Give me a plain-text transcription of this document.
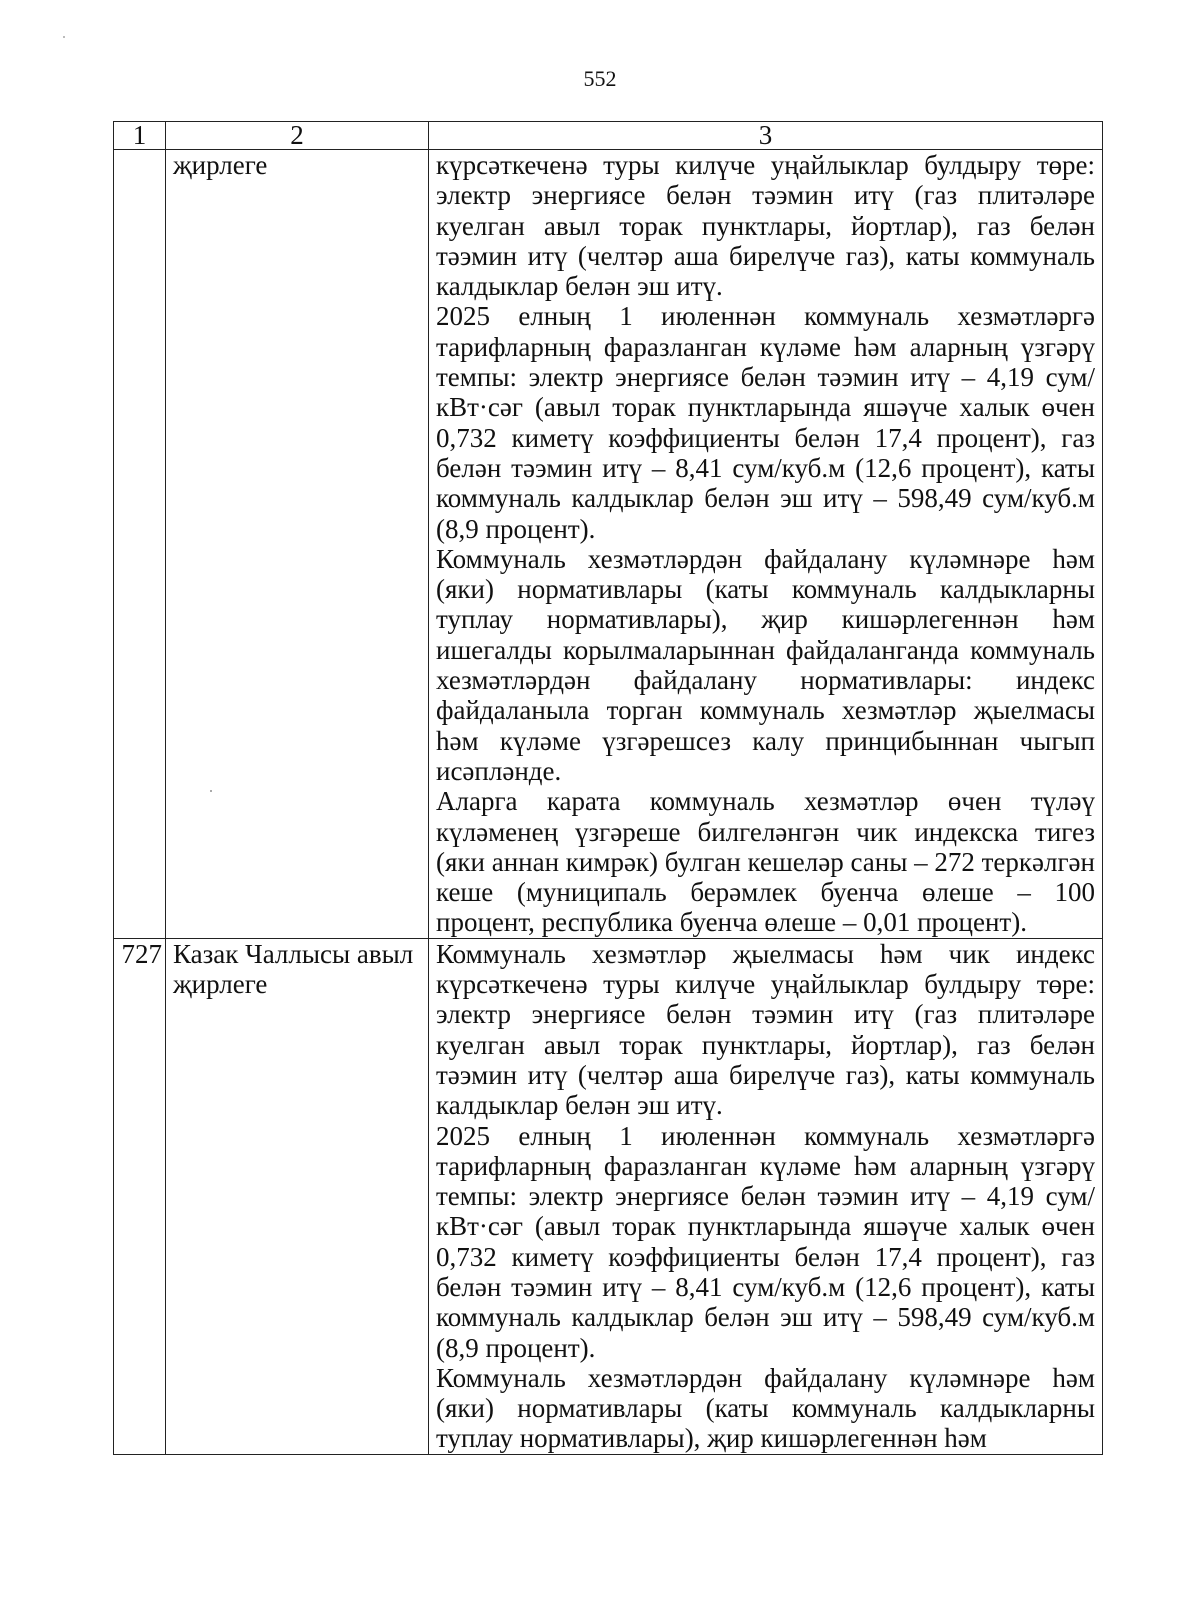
552
1	2	3
	җирлеге	күрсәткеченә туры килүче уңайлыклар булдыру төре: электр энергиясе белән тәэмин итү (газ плитәләре куелган авыл торак пунктлары, йортлар), газ белән тәэмин итү (челтәр аша бирелүче газ), каты коммуналь калдыклар белән эш итү.

2025 елның 1 июленнән коммуналь хезмәтләргә тарифларның фаразланган күләме һәм аларның үзгәрү темпы: электр энергиясе белән тәэмин итү – 4,19 сум/кВт·сәг (авыл торак пунктларында яшәүче халык өчен 0,732 киметү коэффициенты белән 17,4 процент), газ белән тәэмин итү – 8,41 сум/куб.м (12,6 процент), каты коммуналь калдыклар белән эш итү – 598,49 сум/куб.м (8,9 процент).

Коммуналь хезмәтләрдән файдалану күләмнәре һәм (яки) нормативлары (каты коммуналь калдыкларны туплау нормативлары), җир кишәрлегеннән һәм ишегалды корылмаларыннан файдаланганда коммуналь хезмәтләрдән файдалану нормативлары: индекс файдаланыла торган коммуналь хезмәтләр җыелмасы һәм күләме үзгәрешсез калу принцибыннан чыгып исәпләнде.

Аларга карата коммуналь хезмәтләр өчен түләү күләменең үзгәреше билгеләнгән чик индекска тигез (яки аннан кимрәк) булган кешеләр саны – 272 теркәлгән кеше (муниципаль берәмлек буенча өлеше – 100 процент, республика буенча өлеше – 0,01 процент).

727	Казак Чаллысы авыл җирлеге	Коммуналь хезмәтләр җыелмасы һәм чик индекс күрсәткеченә туры килүче уңайлыклар булдыру төре: электр энергиясе белән тәэмин итү (газ плитәләре куелган авыл торак пунктлары, йортлар), газ белән тәэмин итү (челтәр аша бирелүче газ), каты коммуналь калдыклар белән эш итү.

2025 елның 1 июленнән коммуналь хезмәтләргә тарифларның фаразланган күләме һәм аларның үзгәрү темпы: электр энергиясе белән тәэмин итү – 4,19 сум/кВт·сәг (авыл торак пунктларында яшәүче халык өчен 0,732 киметү коэффициенты белән 17,4 процент), газ белән тәэмин итү – 8,41 сум/куб.м (12,6 процент), каты коммуналь калдыклар белән эш итү – 598,49 сум/куб.м (8,9 процент).

Коммуналь хезмәтләрдән файдалану күләмнәре һәм (яки) нормативлары (каты коммуналь калдыкларны туплау нормативлары), җир кишәрлегеннән һәм
